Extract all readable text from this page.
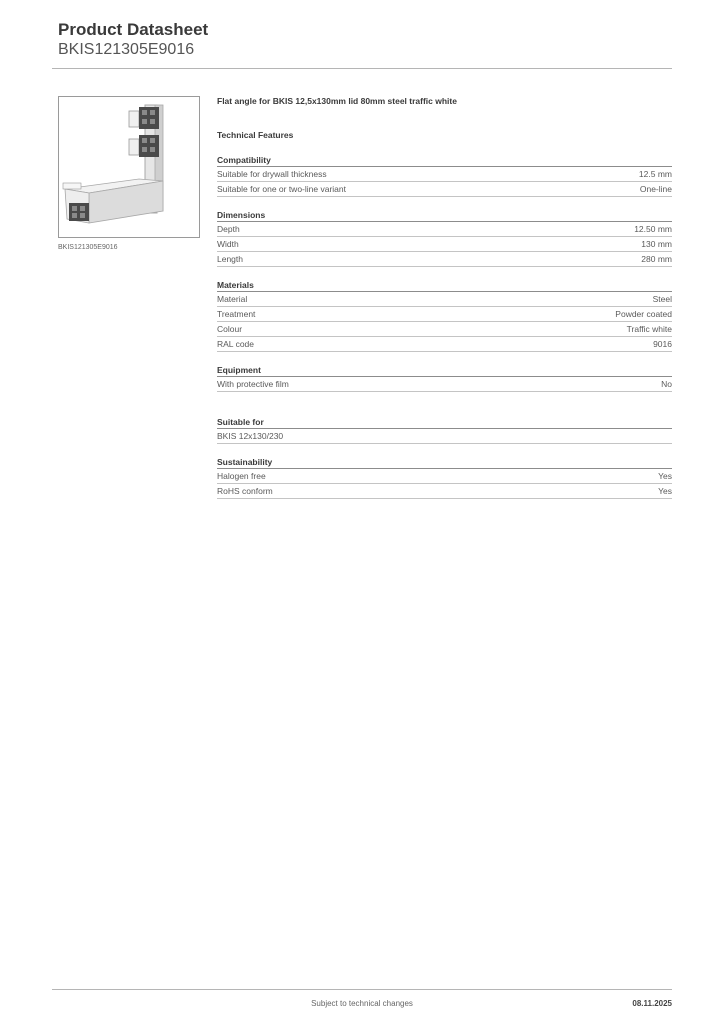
Product Datasheet
BKIS121305E9016
BKIS121305E9016
Flat angle for BKIS 12,5x130mm lid 80mm steel traffic white
Technical Features
Compatibility
Suitable for drywall thickness	12.5 mm
Suitable for one or two-line variant	One-line
Dimensions
Depth	12.50 mm
Width	130 mm
Length	280 mm
Materials
Material	Steel
Treatment	Powder coated
Colour	Traffic white
RAL code	9016
Equipment
With protective film	No
Suitable for
BKIS 12x130/230
Sustainability
Halogen free	Yes
RoHS conform	Yes
Subject to technical changes	08.11.2025
